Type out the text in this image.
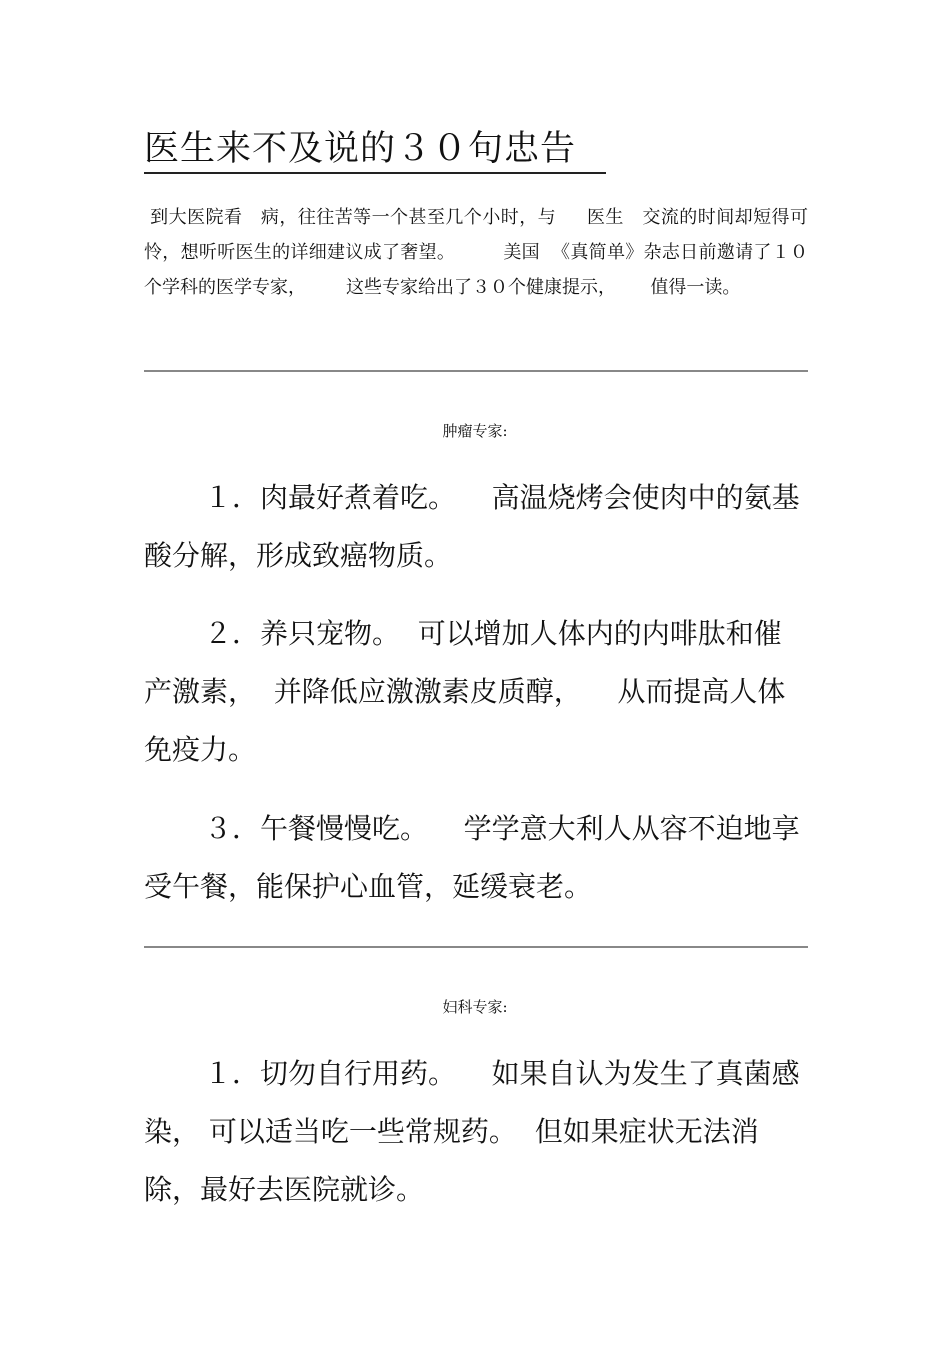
医生来不及说的３０句忠告

到大医院看   病，往往苦等一个甚至几个小时，与     医生   交流的时间却短得可怜，想听听医生的详细建议成了奢望。        美国  《真简单》杂志日前邀请了１０个学科的医学专家，       这些专家给出了３０个健康提示，      值得一读。

肿瘤专家:

１．肉最好煮着吃。    高温烧烤会使肉中的氨基酸分解，形成致癌物质。

２．养只宠物。  可以增加人体内的内啡肽和催产激素，  并降低应激激素皮质醇，    从而提高人体免疫力。

３．午餐慢慢吃。    学学意大利人从容不迫地享受午餐，能保护心血管，延缓衰老。

妇科专家:

１．切勿自行用药。    如果自认为发生了真菌感染， 可以适当吃一些常规药。  但如果症状无法消除，最好去医院就诊。
